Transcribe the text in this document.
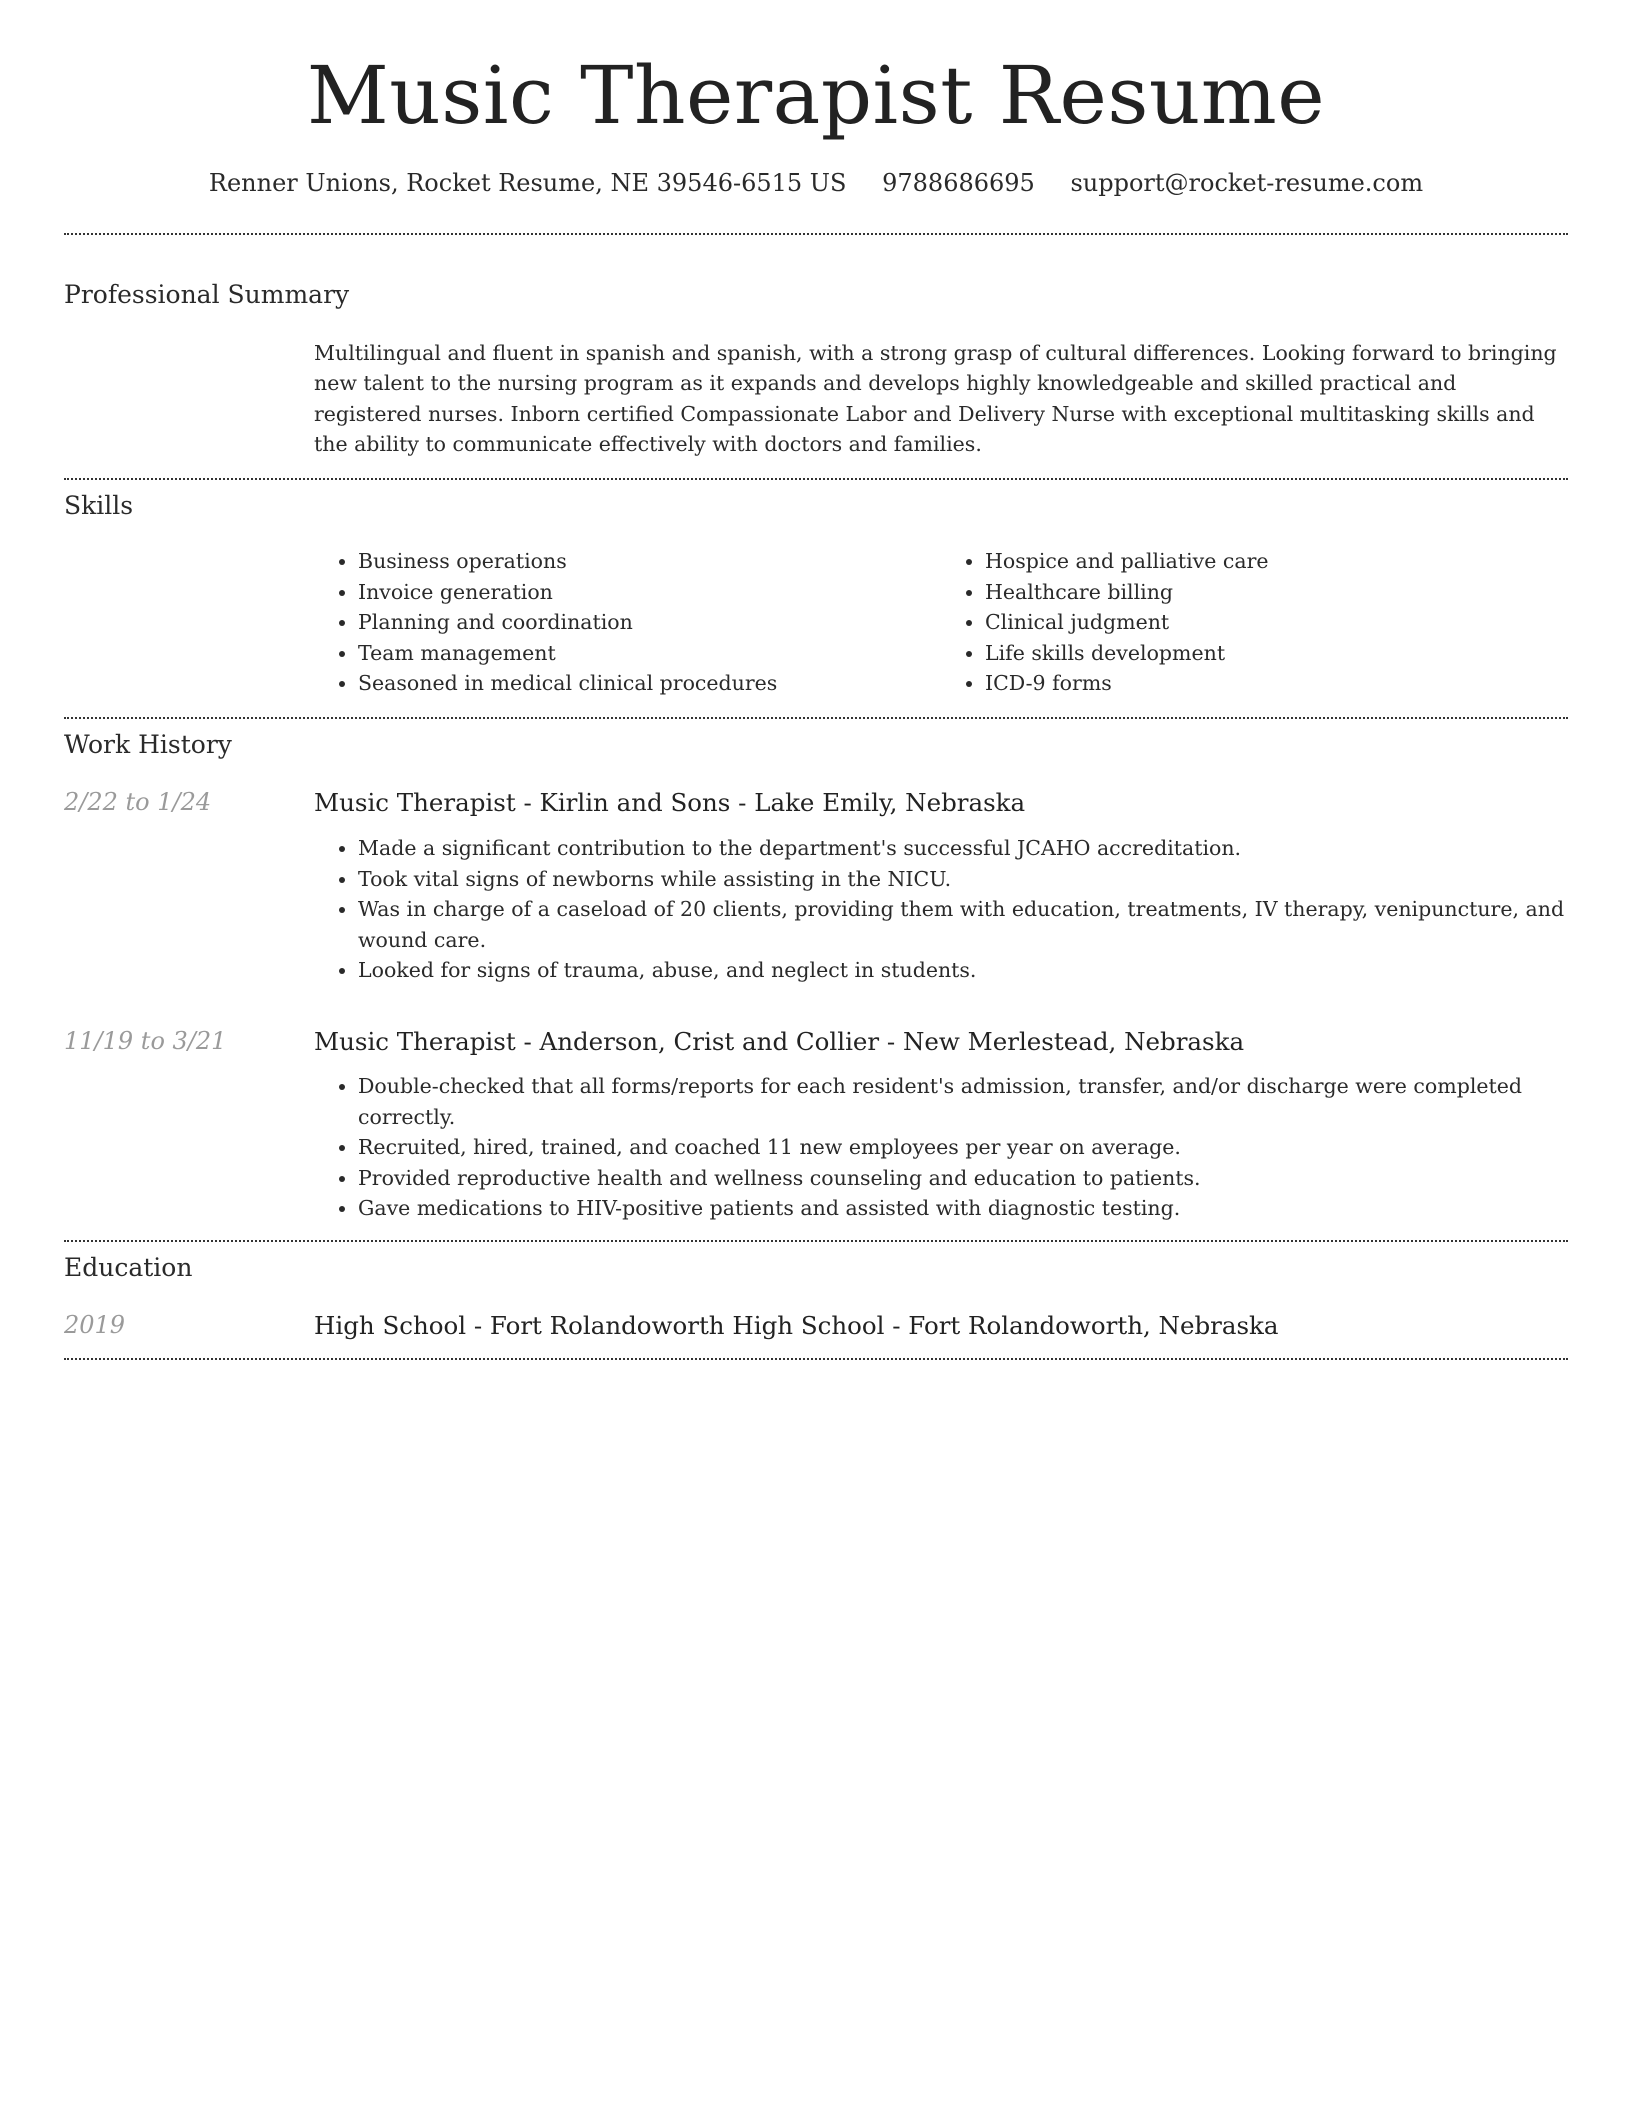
Music Therapist Resume
Renner Unions, Rocket Resume, NE 39546-6515 US 9788686695 support@rocket-resume.com
Professional Summary

Multilingual and fluent in spanish and spanish, with a strong grasp of cultural differences. Looking forward to bringing new talent to the nursing program as it expands and develops highly knowledgeable and skilled practical and registered nurses. Inborn certified Compassionate Labor and Delivery Nurse with exceptional multitasking skills and the ability to communicate effectively with doctors and families.

Skills
• Business operations
• Invoice generation
• Planning and coordination
• Team management
• Seasoned in medical clinical procedures
• Hospice and palliative care
• Healthcare billing
• Clinical judgment
• Life skills development
• ICD-9 forms
Work History
2/22 to 1/24	Music Therapist - Kirlin and Sons - Lake Emily, Nebraska
• Made a significant contribution to the department's successful JCAHO accreditation.
• Took vital signs of newborns while assisting in the NICU.
• Was in charge of a caseload of 20 clients, providing them with education, treatments, IV therapy, venipuncture, and wound care.
• Looked for signs of trauma, abuse, and neglect in students.
11/19 to 3/21	Music Therapist - Anderson, Crist and Collier - New Merlestead, Nebraska
• Double-checked that all forms/reports for each resident's admission, transfer, and/or discharge were completed correctly.
• Recruited, hired, trained, and coached 11 new employees per year on average.
• Provided reproductive health and wellness counseling and education to patients.
• Gave medications to HIV-positive patients and assisted with diagnostic testing.
Education
2019	High School - Fort Rolandoworth High School - Fort Rolandoworth, Nebraska
